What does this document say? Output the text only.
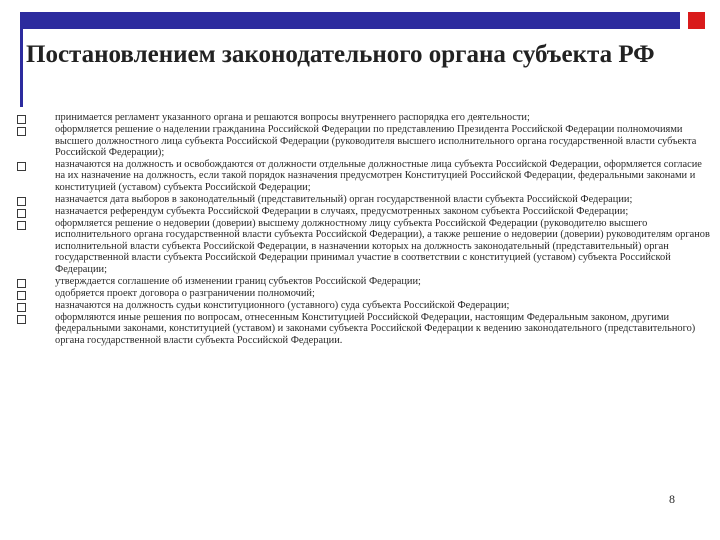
Постановлением законодательного органа субъекта РФ
принимается регламент указанного органа и решаются вопросы внутреннего распорядка его деятельности;
оформляется решение о наделении гражданина Российской Федерации по представлению Президента Российской Федерации полномочиями высшего должностного лица субъекта Российской Федерации (руководителя высшего исполнительного органа государственной власти субъекта Российской Федерации);
назначаются на должность и освобождаются от должности отдельные должностные лица субъекта Российской Федерации, оформляется согласие на их назначение на должность, если такой порядок назначения предусмотрен Конституцией Российской Федерации, федеральными законами и конституцией (уставом) субъекта Российской Федерации;
назначается дата выборов в законодательный (представительный) орган государственной власти субъекта Российской Федерации;
назначается референдум субъекта Российской Федерации в случаях, предусмотренных законом субъекта Российской Федерации;
оформляется решение о недоверии (доверии) высшему должностному лицу субъекта Российской Федерации (руководителю высшего исполнительного органа государственной власти субъекта Российской Федерации), а также решение о недоверии (доверии) руководителям органов исполнительной власти субъекта Российской Федерации, в назначении которых на должность законодательный (представительный) орган государственной власти субъекта Российской Федерации принимал участие в соответствии с конституцией (уставом) субъекта Российской Федерации;
утверждается соглашение об изменении границ субъектов Российской Федерации;
одобряется проект договора о разграничении полномочий;
назначаются на должность судьи конституционного (уставного) суда субъекта Российской Федерации;
оформляются иные решения по вопросам, отнесенным Конституцией Российской Федерации, настоящим Федеральным законом, другими федеральными законами, конституцией (уставом) и законами субъекта Российской Федерации к ведению законодательного (представительного) органа государственной власти субъекта Российской Федерации.
8
